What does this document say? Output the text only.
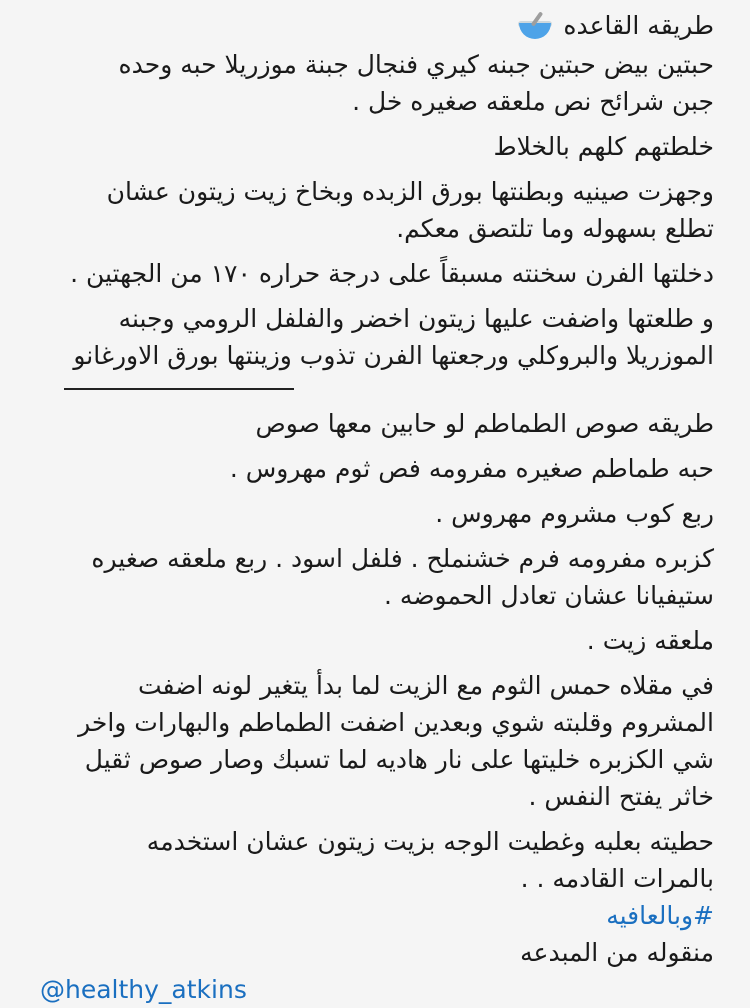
طريقه القاعده

حبتين بيض حبتين جبنه كيري فنجال جبنة موزريلا حبه وحده

جبن شرائح نص ملعقه صغيره خل .

خلطتهم كلهم بالخلاط

وجهزت صينيه وبطنتها بورق الزبده وبخاخ زيت زيتون عشان

تطلع بسهوله وما تلتصق معكم.

دخلتها الفرن سخنته مسبقاً على درجة حراره ١٧٠ من الجهتين .

و طلعتها واضفت عليها زيتون اخضر والفلفل الرومي وجبنه

الموزريلا والبروكلي ورجعتها الفرن تذوب وزينتها بورق الاورغانو

طريقه صوص الطماطم لو حابين معها صوص

حبه طماطم صغيره مفرومه فص ثوم مهروس .

ربع كوب مشروم مهروس .

كزبره مفرومه فرم خشنملح . فلفل اسود . ربع ملعقه صغيره

ستيفيانا عشان تعادل الحموضه .

ملعقه زيت .

في مقلاه حمس الثوم مع الزيت لما بدأ يتغير لونه اضفت

المشروم وقلبته شوي وبعدين اضفت الطماطم والبهارات واخر

شي الكزبره خليتها على نار هاديه لما تسبك وصار صوص ثقيل

خاثر يفتح النفس .

حطيته بعلبه وغطيت الوجه بزيت زيتون عشان استخدمه

بالمرات القادمه . .

#وبالعافيه

منقوله من المبدعه

@healthy_atkins
